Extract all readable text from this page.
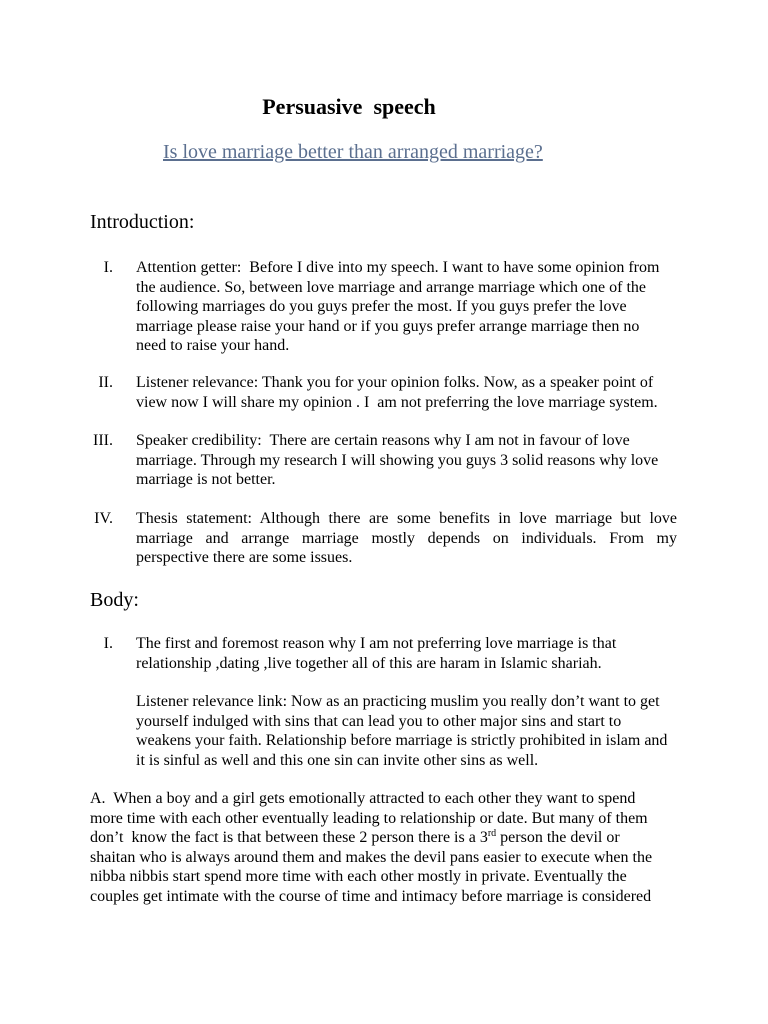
Persuasive  speech
Is love marriage better than arranged marriage?
Introduction:
I. Attention getter:  Before I dive into my speech. I want to have some opinion from
the audience. So, between love marriage and arrange marriage which one of the
following marriages do you guys prefer the most. If you guys prefer the love
marriage please raise your hand or if you guys prefer arrange marriage then no
need to raise your hand.
II. Listener relevance: Thank you for your opinion folks. Now, as a speaker point of
view now I will share my opinion . I  am not preferring the love marriage system.
III. Speaker credibility:  There are certain reasons why I am not in favour of love
marriage. Through my research I will showing you guys 3 solid reasons why love
marriage is not better.
IV. Thesis statement: Although there are some benefits in love marriage but love
marriage and arrange marriage mostly depends on individuals. From my
perspective there are some issues.
Body:
I. The first and foremost reason why I am not preferring love marriage is that
relationship ,dating ,live together all of this are haram in Islamic shariah.
Listener relevance link: Now as an practicing muslim you really don’t want to get
yourself indulged with sins that can lead you to other major sins and start to
weakens your faith. Relationship before marriage is strictly prohibited in islam and
it is sinful as well and this one sin can invite other sins as well.
A.  When a boy and a girl gets emotionally attracted to each other they want to spend
more time with each other eventually leading to relationship or date. But many of them
don’t  know the fact is that between these 2 person there is a 3rd person the devil or
shaitan who is always around them and makes the devil pans easier to execute when the
nibba nibbis start spend more time with each other mostly in private. Eventually the
couples get intimate with the course of time and intimacy before marriage is considered
